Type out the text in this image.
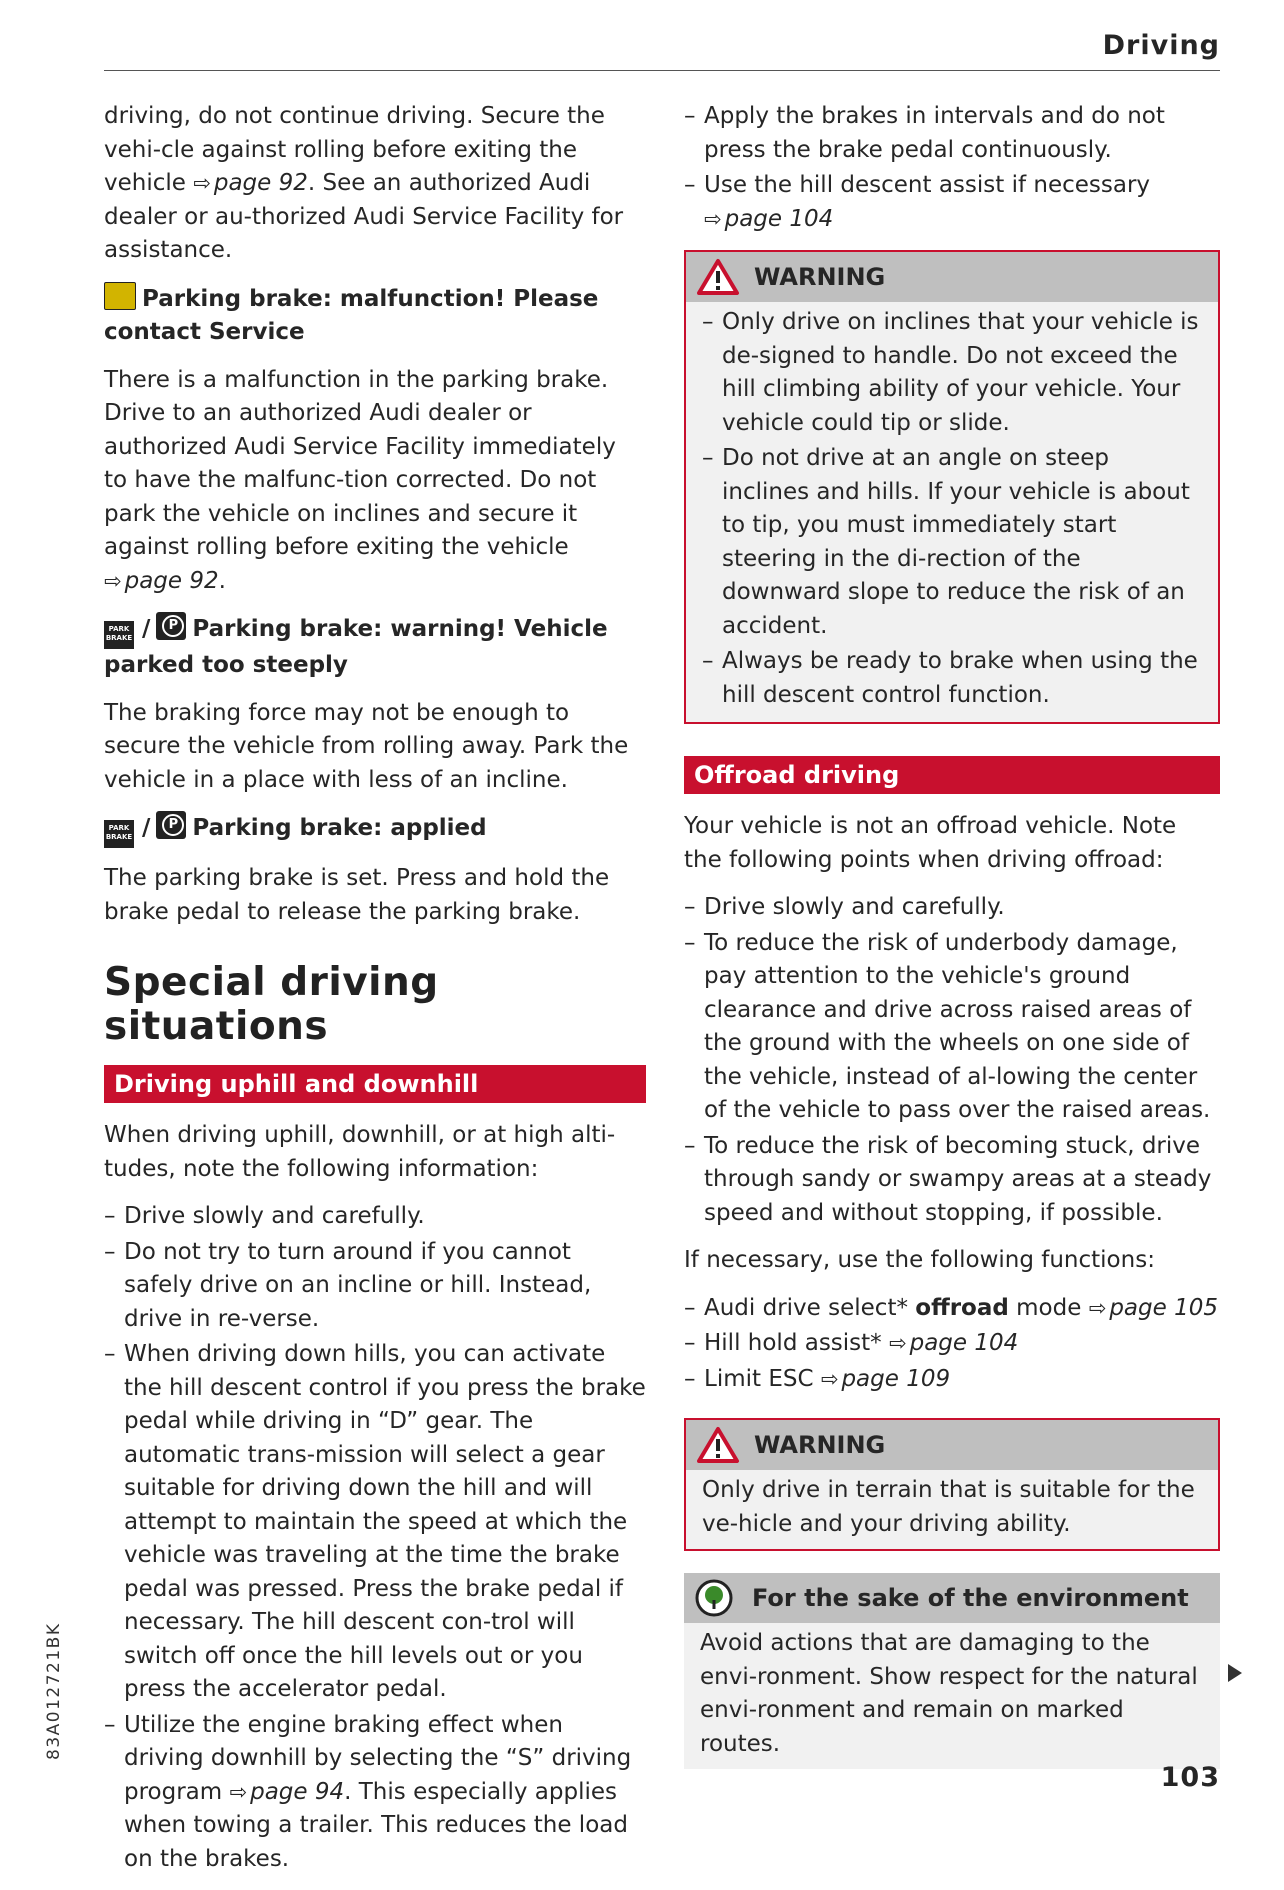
Driving

driving, do not continue driving. Secure the vehi-cle against rolling before exiting the vehicle ⇨ page 92. See an authorized Audi dealer or au-thorized Audi Service Facility for assistance.

Parking brake: malfunction! Please contact Service

There is a malfunction in the parking brake. Drive to an authorized Audi dealer or authorized Audi Service Facility immediately to have the malfunc-tion corrected. Do not park the vehicle on inclines and secure it against rolling before exiting the vehicle ⇨ page 92.

PARK BRAKE / P Parking brake: warning! Vehicle parked too steeply

The braking force may not be enough to secure the vehicle from rolling away. Park the vehicle in a place with less of an incline.

PARK BRAKE / P Parking brake: applied

The parking brake is set. Press and hold the brake pedal to release the parking brake.

Special driving situations
Driving uphill and downhill

When driving uphill, downhill, or at high alti-tudes, note the following information:

– Drive slowly and carefully.
– Do not try to turn around if you cannot safely drive on an incline or hill. Instead, drive in re-verse.
– When driving down hills, you can activate the hill descent control if you press the brake pedal while driving in “D” gear. The automatic trans-mission will select a gear suitable for driving down the hill and will attempt to maintain the speed at which the vehicle was traveling at the time the brake pedal was pressed. Press the brake pedal if necessary. The hill descent con-trol will switch off once the hill levels out or you press the accelerator pedal.
– Utilize the engine braking effect when driving downhill by selecting the “S” driving program ⇨ page 94. This especially applies when towing a trailer. This reduces the load on the brakes.
– Apply the brakes in intervals and do not press the brake pedal continuously.
– Use the hill descent assist if necessary
⇨ page 104
WARNING
– Only drive on inclines that your vehicle is de-signed to handle. Do not exceed the hill climbing ability of your vehicle. Your vehicle could tip or slide.
– Do not drive at an angle on steep inclines and hills. If your vehicle is about to tip, you must immediately start steering in the di-rection of the downward slope to reduce the risk of an accident.
– Always be ready to brake when using the hill descent control function.
Offroad driving

Your vehicle is not an offroad vehicle. Note the following points when driving offroad:

– Drive slowly and carefully.
– To reduce the risk of underbody damage, pay attention to the vehicle's ground clearance and drive across raised areas of the ground with the wheels on one side of the vehicle, instead of al-lowing the center of the vehicle to pass over the raised areas.
– To reduce the risk of becoming stuck, drive through sandy or swampy areas at a steady speed and without stopping, if possible.

If necessary, use the following functions:

– Audi drive select* offroad mode ⇨ page 105
– Hill hold assist* ⇨ page 104
– Limit ESC ⇨ page 109
WARNING

Only drive in terrain that is suitable for the ve-hicle and your driving ability.

For the sake of the environment

Avoid actions that are damaging to the envi-ronment. Show respect for the natural envi-ronment and remain on marked routes.

83A012721BK
103
